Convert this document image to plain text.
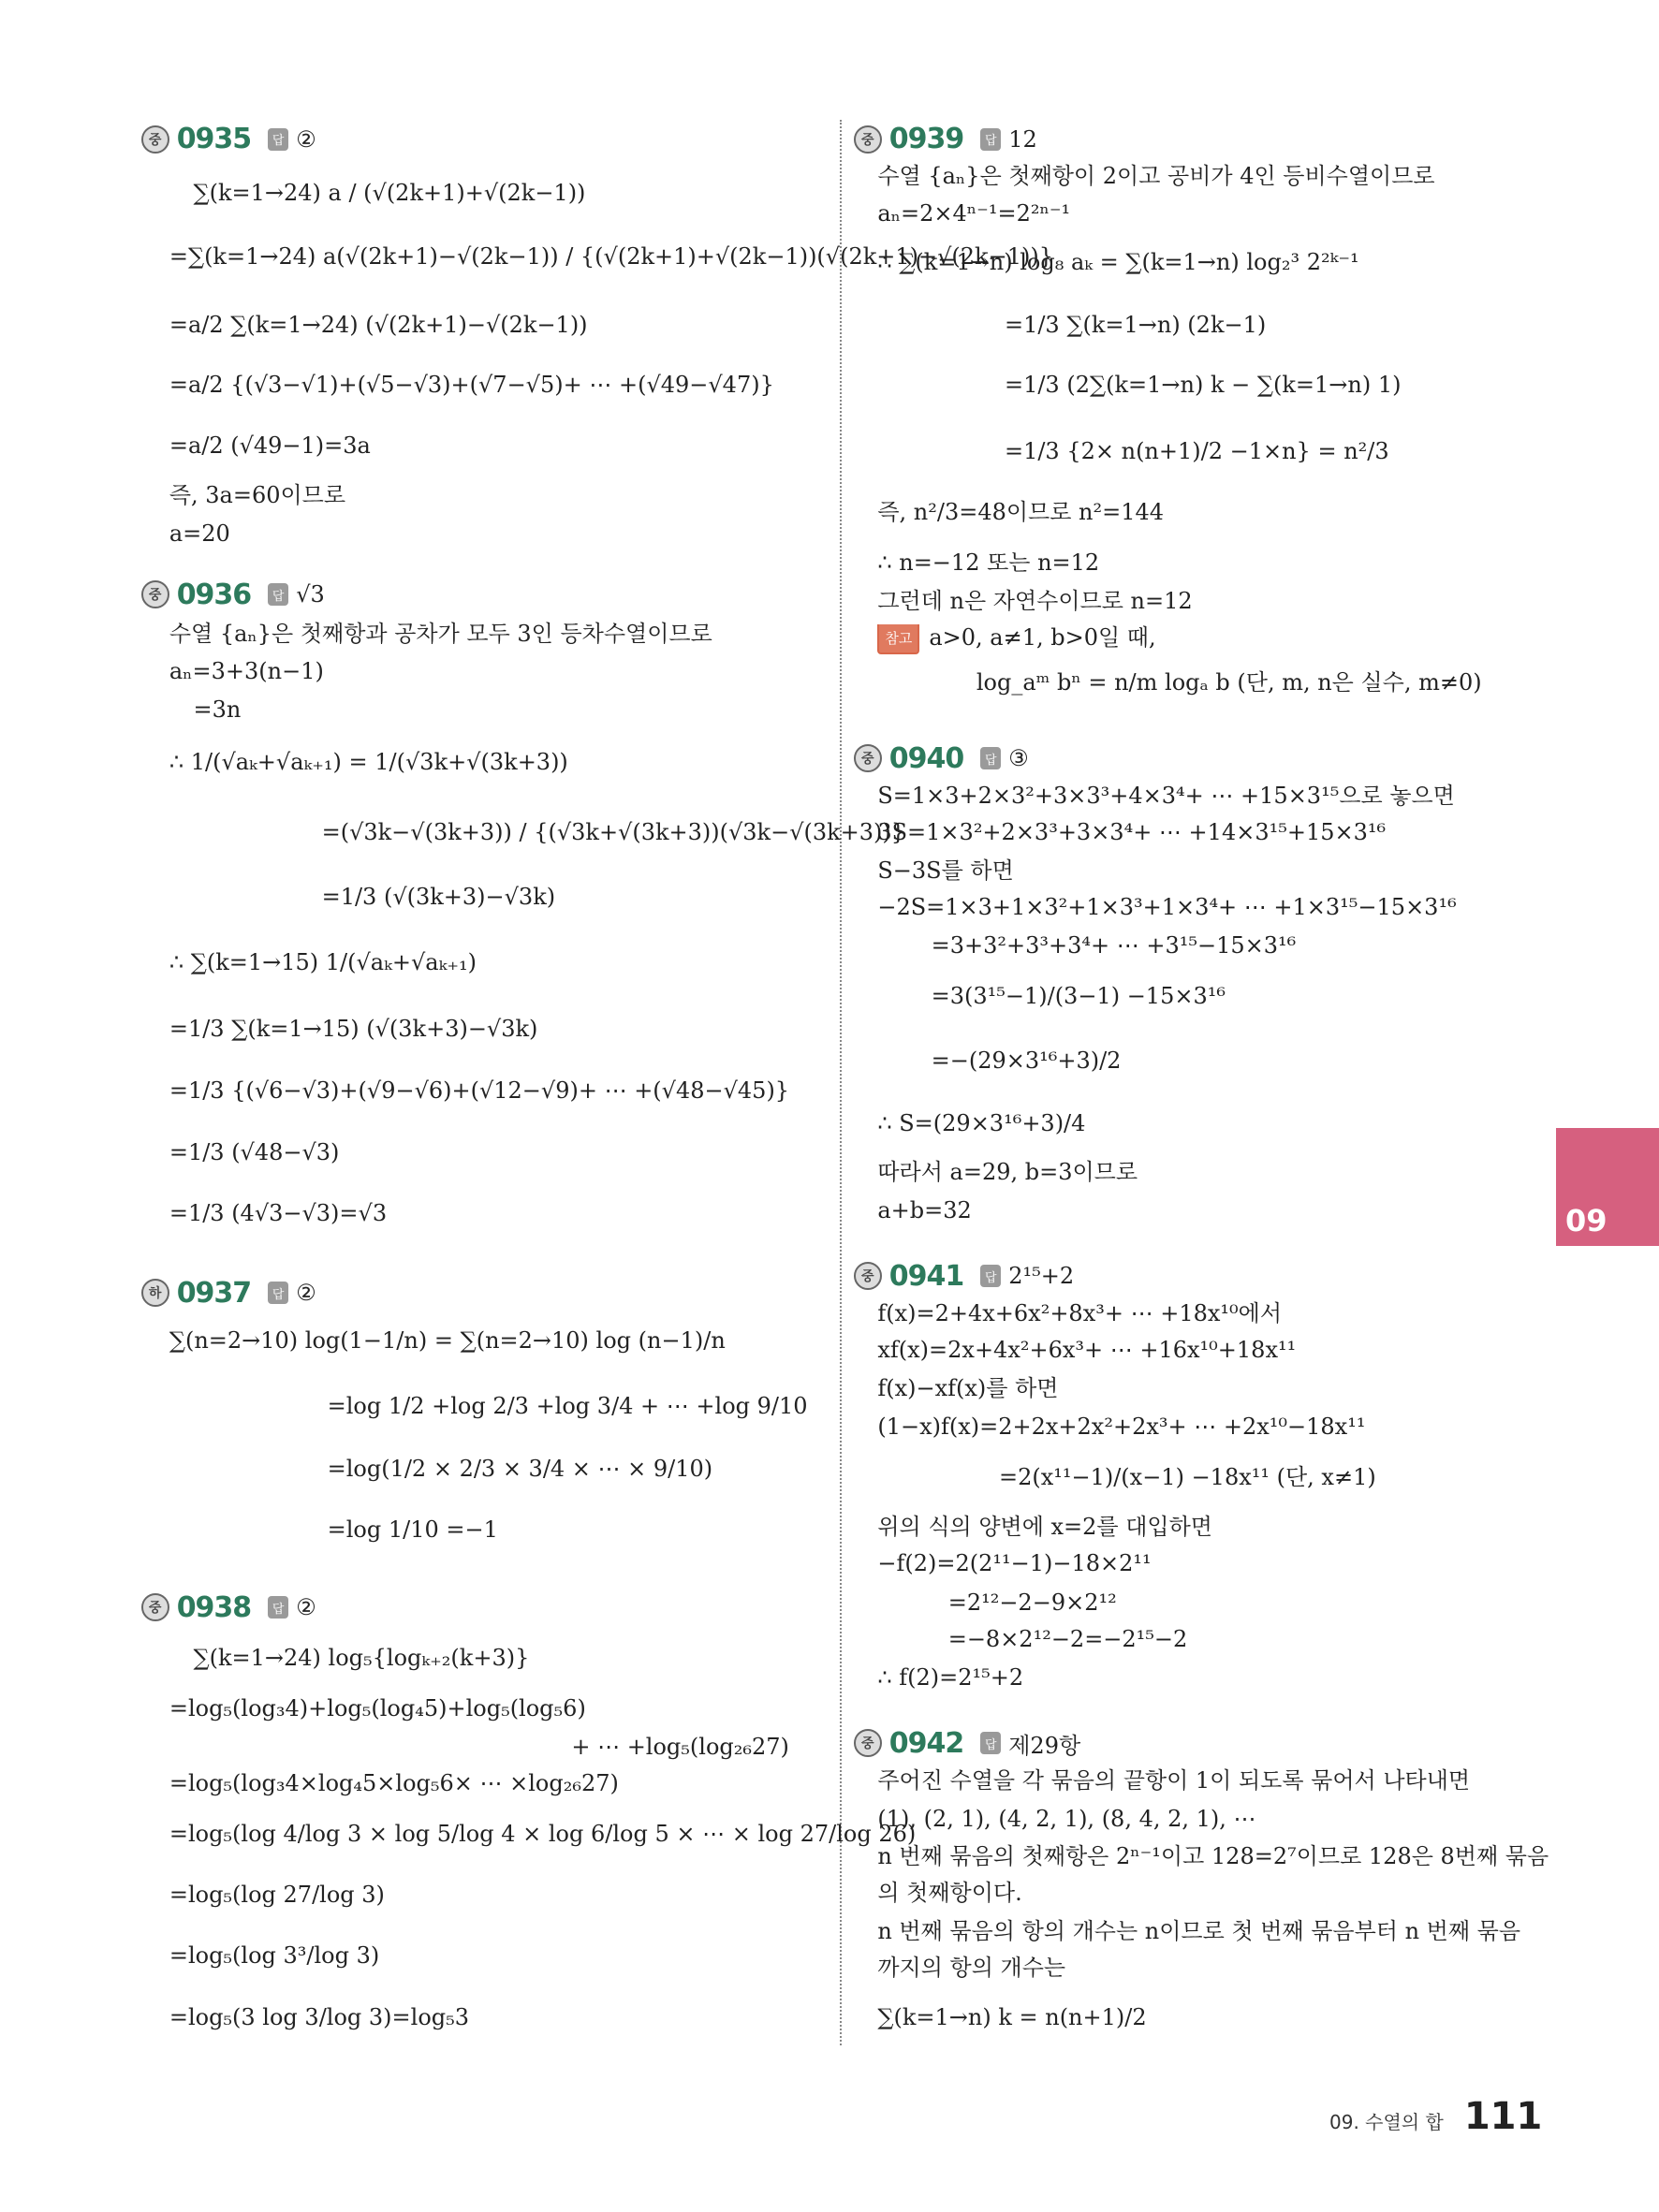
09
09. 수열의 합 111
중 0935	답 ②
∑(k=1→24) a / (√(2k+1)+√(2k−1))
=∑(k=1→24) a(√(2k+1)−√(2k−1)) / {(√(2k+1)+√(2k−1))(√(2k+1)−√(2k−1))}
=a/2 ∑(k=1→24) (√(2k+1)−√(2k−1))
=a/2 {(√3−√1)+(√5−√3)+(√7−√5)+ ⋯ +(√49−√47)}
=a/2 (√49−1)=3a
즉, 3a=60이므로
a=20
중 0936	답 √3
수열 {aₙ}은 첫째항과 공차가 모두 3인 등차수열이므로
aₙ=3+3(n−1)
=3n
∴ 1/(√aₖ+√aₖ₊₁) = 1/(√3k+√(3k+3))
=(√3k−√(3k+3)) / {(√3k+√(3k+3))(√3k−√(3k+3))}
=1/3 (√(3k+3)−√3k)
∴ ∑(k=1→15) 1/(√aₖ+√aₖ₊₁)
=1/3 ∑(k=1→15) (√(3k+3)−√3k)
=1/3 {(√6−√3)+(√9−√6)+(√12−√9)+ ⋯ +(√48−√45)}
=1/3 (√48−√3)
=1/3 (4√3−√3)=√3
하 0937	답 ②
∑(n=2→10) log(1−1/n) = ∑(n=2→10) log (n−1)/n
=log 1/2 +log 2/3 +log 3/4 + ⋯ +log 9/10
=log(1/2 × 2/3 × 3/4 × ⋯ × 9/10)
=log 1/10 =−1
중 0938	답 ②
∑(k=1→24) log₅{logₖ₊₂(k+3)}
=log₅(log₃4)+log₅(log₄5)+log₅(log₅6)
+ ⋯ +log₅(log₂₆27)
=log₅(log₃4×log₄5×log₅6× ⋯ ×log₂₆27)
=log₅(log 4/log 3 × log 5/log 4 × log 6/log 5 × ⋯ × log 27/log 26)
=log₅(log 27/log 3)
=log₅(log 3³/log 3)
=log₅(3 log 3/log 3)=log₅3
중 0939	답 12
수열 {aₙ}은 첫째항이 2이고 공비가 4인 등비수열이므로
aₙ=2×4ⁿ⁻¹=2²ⁿ⁻¹
∴ ∑(k=1→n) log₈ aₖ = ∑(k=1→n) log₂³ 2²ᵏ⁻¹
=1/3 ∑(k=1→n) (2k−1)
=1/3 (2∑(k=1→n) k − ∑(k=1→n) 1)
=1/3 {2× n(n+1)/2 −1×n} = n²/3
즉, n²/3=48이므로 n²=144
∴ n=−12 또는 n=12
그런데 n은 자연수이므로 n=12
참고 a>0, a≠1, b>0일 때,
log_aᵐ bⁿ = n/m logₐ b (단, m, n은 실수, m≠0)
중 0940	답 ③
S=1×3+2×3²+3×3³+4×3⁴+ ⋯ +15×3¹⁵으로 놓으면
3S=1×3²+2×3³+3×3⁴+ ⋯ +14×3¹⁵+15×3¹⁶
S−3S를 하면
−2S=1×3+1×3²+1×3³+1×3⁴+ ⋯ +1×3¹⁵−15×3¹⁶
=3+3²+3³+3⁴+ ⋯ +3¹⁵−15×3¹⁶
=3(3¹⁵−1)/(3−1) −15×3¹⁶
=−(29×3¹⁶+3)/2
∴ S=(29×3¹⁶+3)/4
따라서 a=29, b=3이므로
a+b=32
중 0941	답 2¹⁵+2
f(x)=2+4x+6x²+8x³+ ⋯ +18x¹⁰에서
xf(x)=2x+4x²+6x³+ ⋯ +16x¹⁰+18x¹¹
f(x)−xf(x)를 하면
(1−x)f(x)=2+2x+2x²+2x³+ ⋯ +2x¹⁰−18x¹¹
=2(x¹¹−1)/(x−1) −18x¹¹ (단, x≠1)
위의 식의 양변에 x=2를 대입하면
−f(2)=2(2¹¹−1)−18×2¹¹
=2¹²−2−9×2¹²
=−8×2¹²−2=−2¹⁵−2
∴ f(2)=2¹⁵+2
중 0942	답 제29항
주어진 수열을 각 묶음의 끝항이 1이 되도록 묶어서 나타내면
(1), (2, 1), (4, 2, 1), (8, 4, 2, 1), ⋯
n 번째 묶음의 첫째항은 2ⁿ⁻¹이고 128=2⁷이므로 128은 8번째 묶음
의 첫째항이다.
n 번째 묶음의 항의 개수는 n이므로 첫 번째 묶음부터 n 번째 묶음
까지의 항의 개수는
∑(k=1→n) k = n(n+1)/2
